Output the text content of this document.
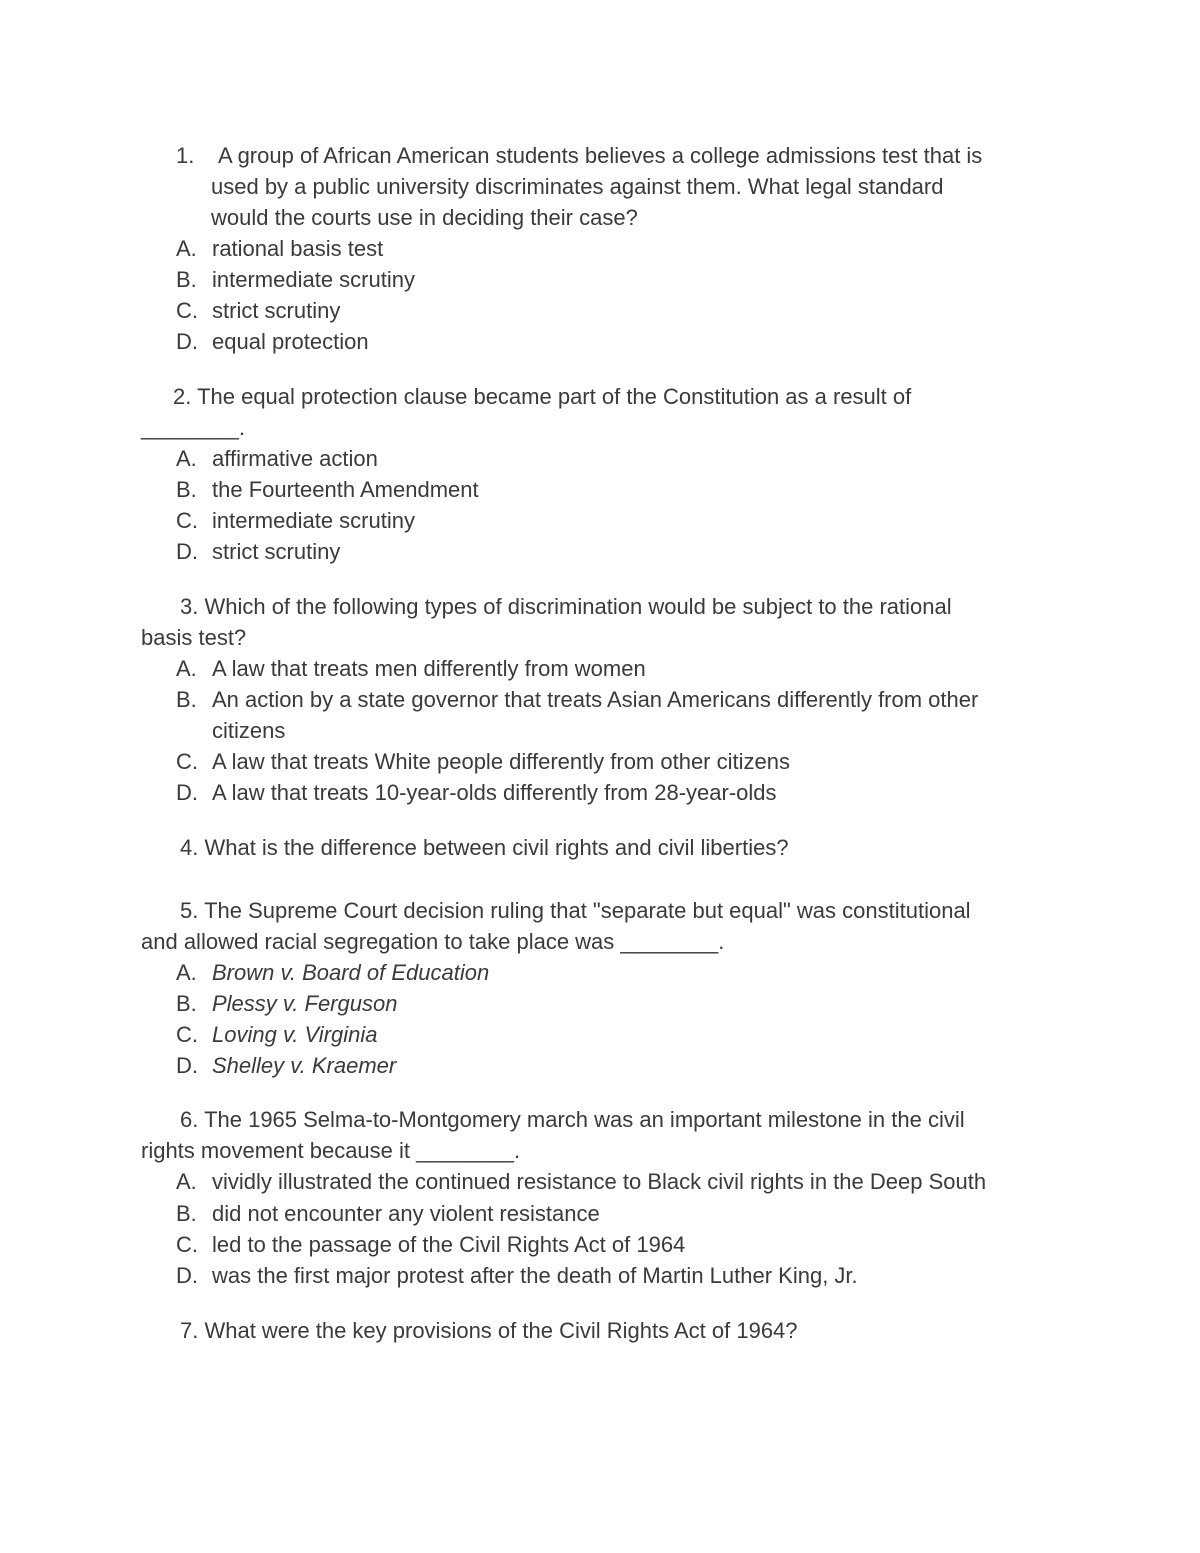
1. A group of African American students believes a college admissions test that is
used by a public university discriminates against them. What legal standard
would the courts use in deciding their case?
A. rational basis test
B. intermediate scrutiny
C. strict scrutiny
D. equal protection
2. The equal protection clause became part of the Constitution as a result of
________.
A. affirmative action
B. the Fourteenth Amendment
C. intermediate scrutiny
D. strict scrutiny
3. Which of the following types of discrimination would be subject to the rational
basis test?
A. A law that treats men differently from women
B. An action by a state governor that treats Asian Americans differently from other
citizens
C. A law that treats White people differently from other citizens
D. A law that treats 10-year-olds differently from 28-year-olds
4. What is the difference between civil rights and civil liberties?
5. The Supreme Court decision ruling that "separate but equal" was constitutional
and allowed racial segregation to take place was ________.
A. Brown v. Board of Education
B. Plessy v. Ferguson
C. Loving v. Virginia
D. Shelley v. Kraemer
6. The 1965 Selma-to-Montgomery march was an important milestone in the civil
rights movement because it ________.
A. vividly illustrated the continued resistance to Black civil rights in the Deep South
B. did not encounter any violent resistance
C. led to the passage of the Civil Rights Act of 1964
D. was the first major protest after the death of Martin Luther King, Jr.
7. What were the key provisions of the Civil Rights Act of 1964?
